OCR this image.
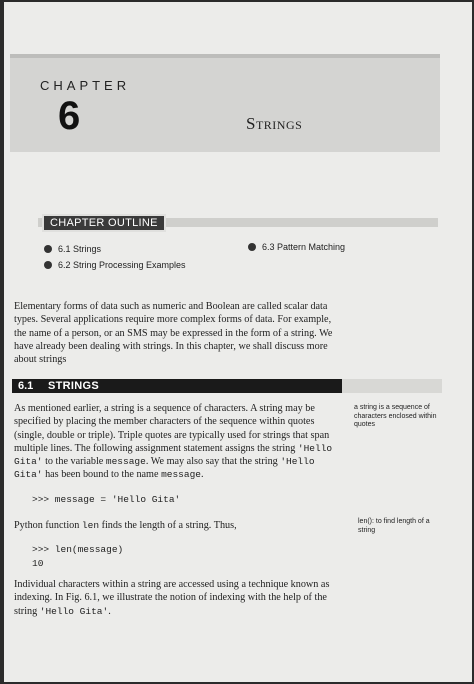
CHAPTER
6	Strings
CHAPTER OUTLINE
6.1 Strings
6.2 String Processing Examples
6.3 Pattern Matching

Elementary forms of data such as numeric and Boolean are called scalar data types. Several applications require more complex forms of data. For example, the name of a person, or an SMS may be expressed in the form of a string. We have already been dealing with strings. In this chapter, we shall discuss more about strings

6.1 STRINGS

As mentioned earlier, a string is a sequence of characters. A string may be specified by placing the member characters of the sequence within quotes (single, double or triple). Triple quotes are typically used for strings that span multiple lines. The following assignment statement assigns the string 'Hello Gita' to the variable message. We may also say that the string 'Hello Gita' has been bound to the name message.

>>> message = 'Hello Gita'

Python function len finds the length of a string. Thus,

>>> len(message)
10

Individual characters within a string are accessed using a technique known as indexing. In Fig. 6.1, we illustrate the notion of indexing with the help of the string 'Hello Gita'.

a string is a sequence of characters enclosed within quotes
len(): to find length of a string
